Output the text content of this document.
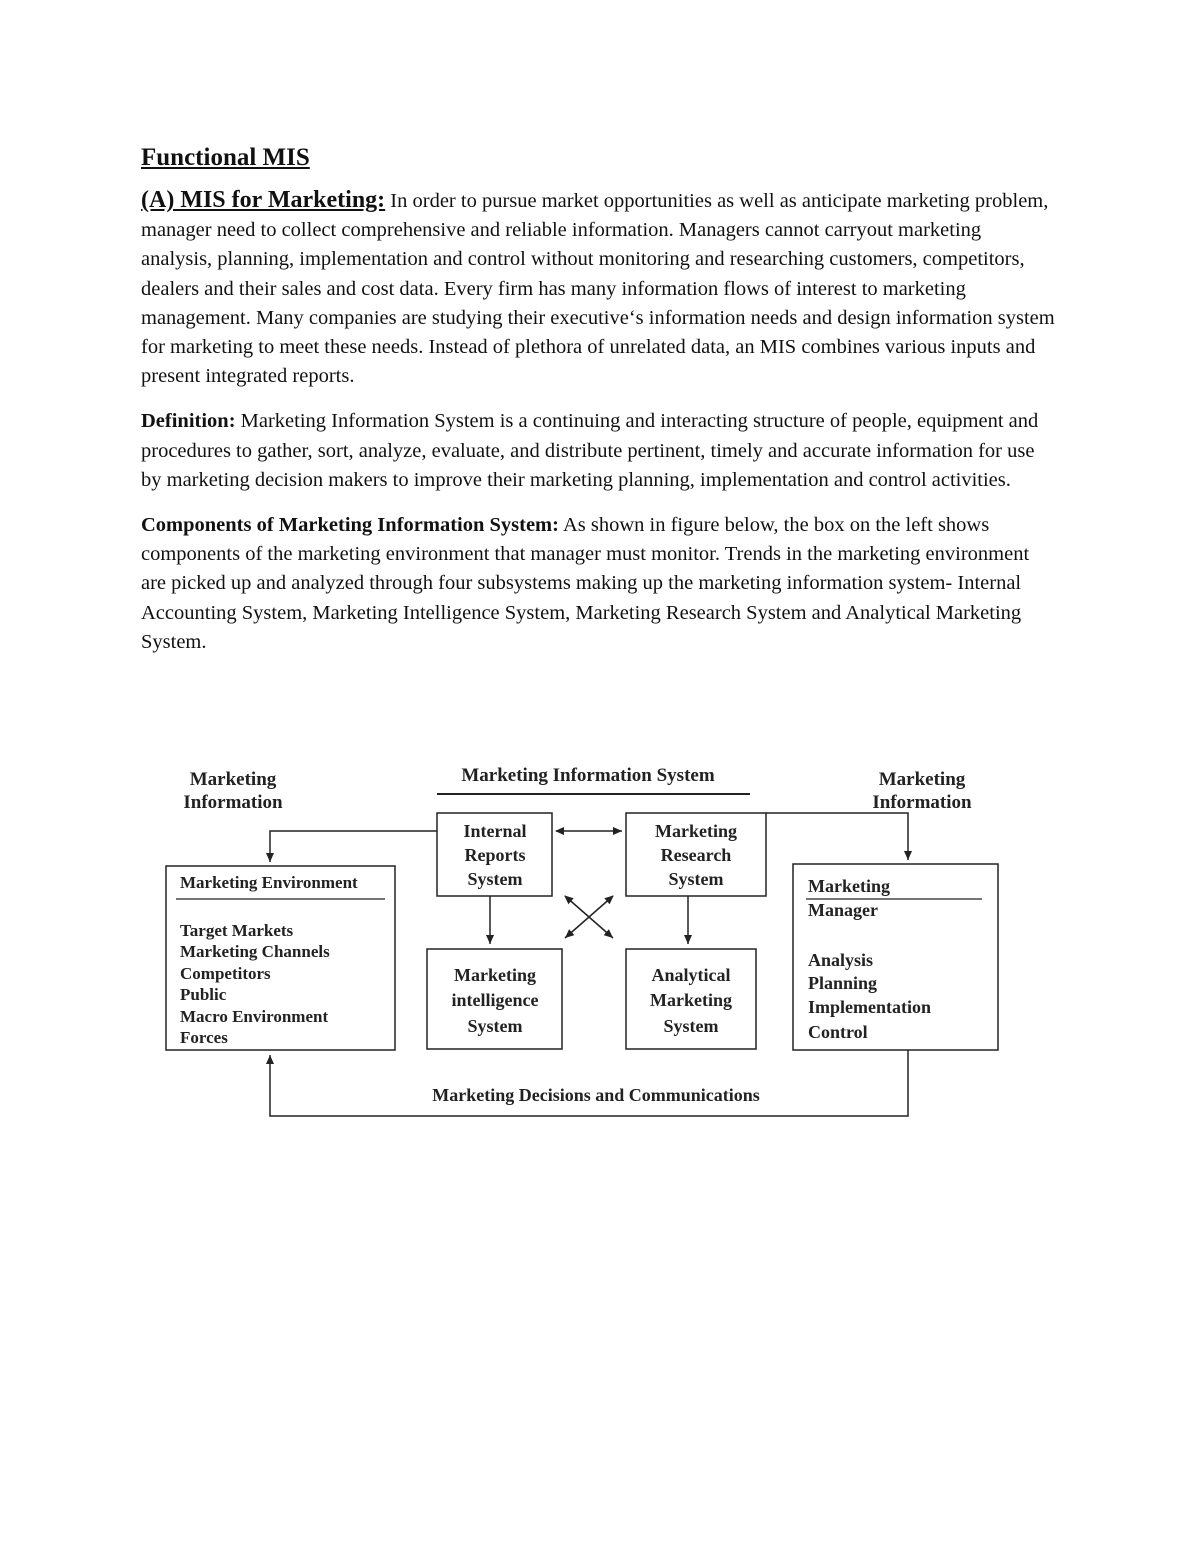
Functional MIS

(A) MIS for Marketing: In order to pursue market opportunities as well as anticipate marketing problem, manager need to collect comprehensive and reliable information. Managers cannot carryout marketing analysis, planning, implementation and control without monitoring and researching customers, competitors, dealers and their sales and cost data. Every firm has many information flows of interest to marketing management. Many companies are studying their executive‘s information needs and design information system for marketing to meet these needs. Instead of plethora of unrelated data, an MIS combines various inputs and present integrated reports.

Definition: Marketing Information System is a continuing and interacting structure of people, equipment and procedures to gather, sort, analyze, evaluate, and distribute pertinent, timely and accurate information for use by marketing decision makers to improve their marketing planning, implementation and control activities.

Components of Marketing Information System: As shown in figure below, the box on the left shows components of the marketing environment that manager must monitor. Trends in the marketing environment are picked up and analyzed through four subsystems making up the marketing information system- Internal Accounting System, Marketing Intelligence System, Marketing Research System and Analytical Marketing System.

Marketing
Information
Marketing Information System	Marketing
Information
Marketing Environment
Target Markets
Marketing Channels
Competitors
Public
Macro Environment
Forces
Internal
Reports
System
Marketing
Research
System
Marketing
intelligence
System
Analytical
Marketing
System
Marketing
Manager
Analysis
Planning
Implementation
Control
Marketing Decisions and Communications
